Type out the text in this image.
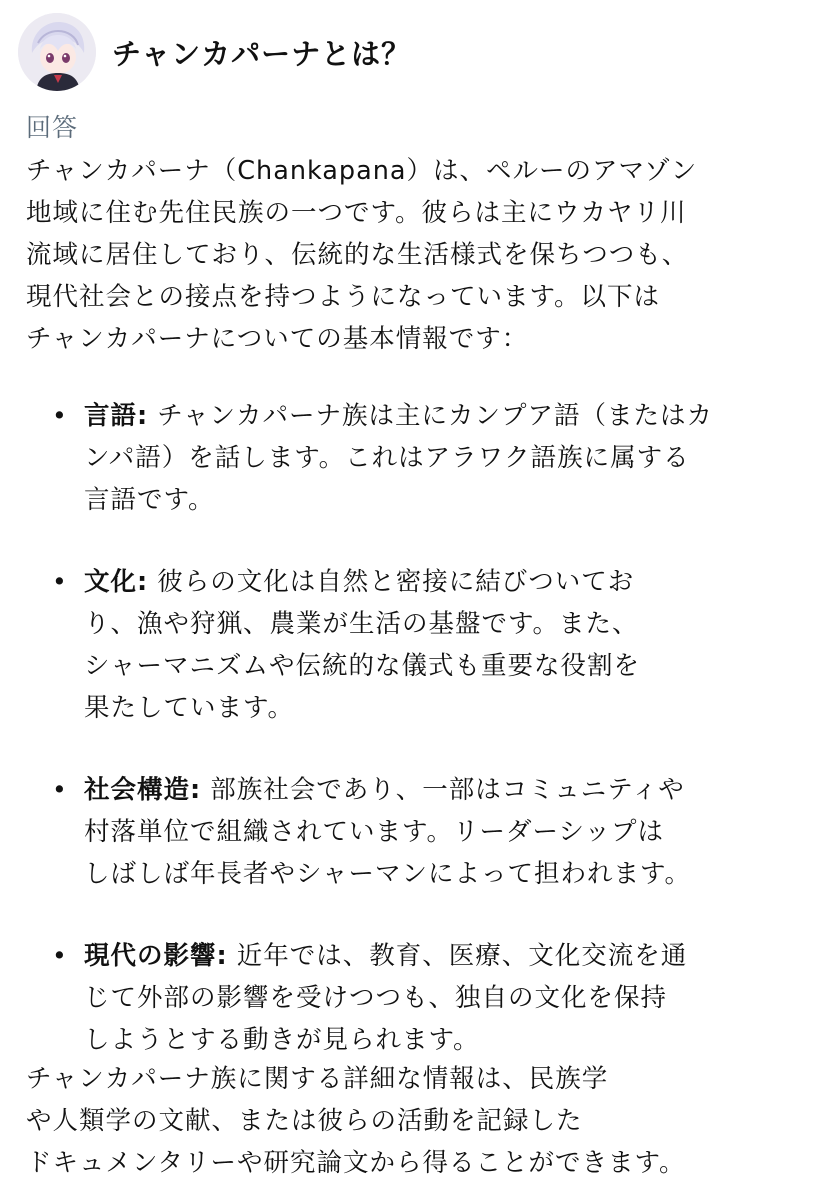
チャンカパーナとは？
回答
チャンカパーナ（Chankapana）は、ペルーのアマゾン
地域に住む先住民族の一つです。彼らは主にウカヤリ川
流域に居住しており、伝統的な生活様式を保ちつつも、
現代社会との接点を持つようになっています。以下は
チャンカパーナについての基本情報です：
• 言語: チャンカパーナ族は主にカンプア語（またはカ
ンパ語）を話します。これはアラワク語族に属する
言語です。
• 文化: 彼らの文化は自然と密接に結びついてお
り、漁や狩猟、農業が生活の基盤です。また、
シャーマニズムや伝統的な儀式も重要な役割を
果たしています。
• 社会構造: 部族社会であり、一部はコミュニティや
村落単位で組織されています。リーダーシップは
しばしば年長者やシャーマンによって担われます。
• 現代の影響: 近年では、教育、医療、文化交流を通
じて外部の影響を受けつつも、独自の文化を保持
しようとする動きが見られます。
チャンカパーナ族に関する詳細な情報は、民族学
や人類学の文献、または彼らの活動を記録した
ドキュメンタリーや研究論文から得ることができます。
